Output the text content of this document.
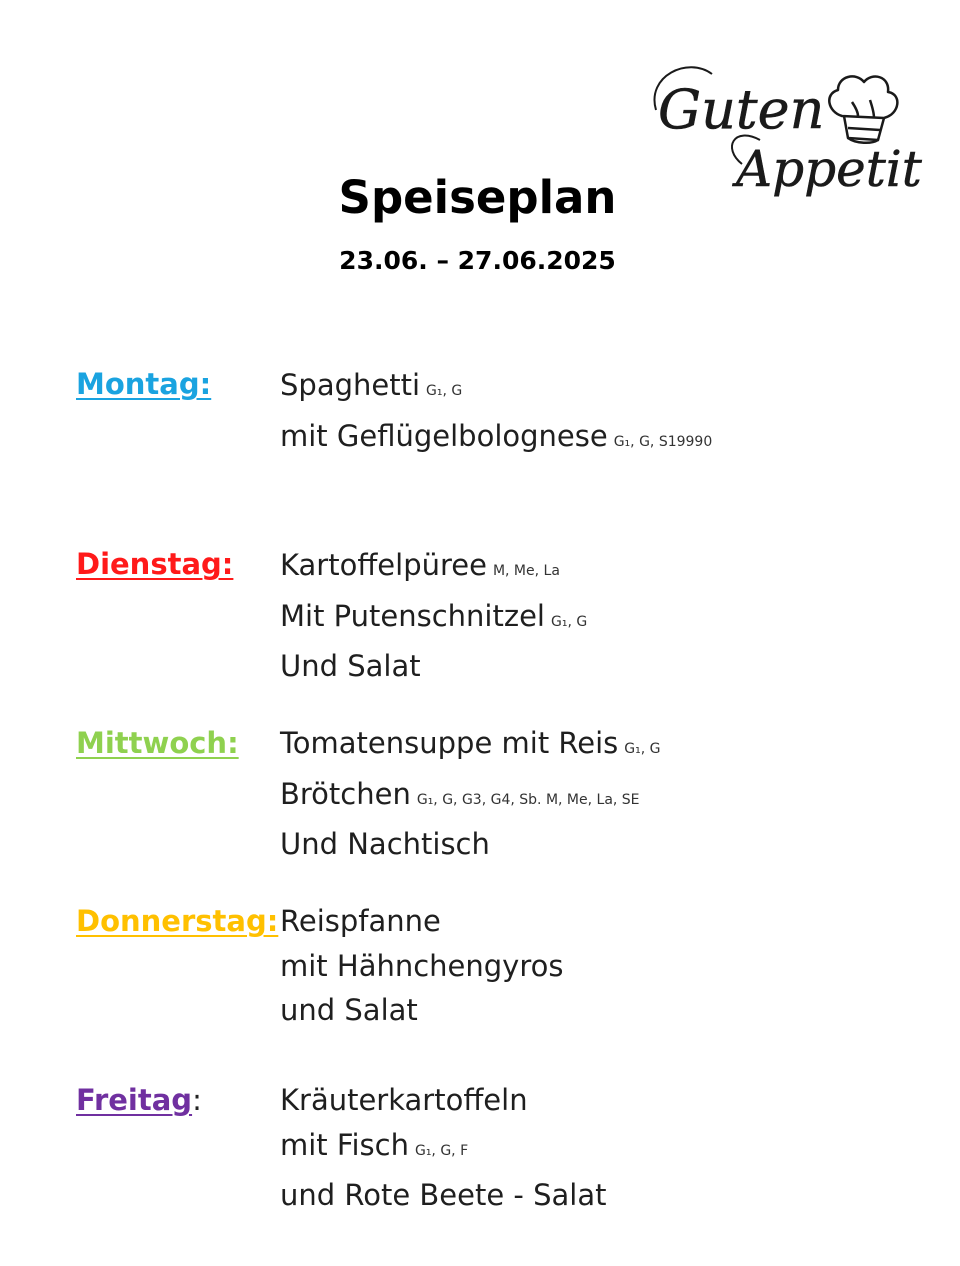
Guten
Appetit
Speiseplan
23.06. – 27.06.2025
Montag: Spaghetti G₁, G
mit Geflügelbolognese G₁, G, S19990
Dienstag: Kartoffelpüree M, Me, La
Mit Putenschnitzel G₁, G
Und Salat
Mittwoch: Tomatensuppe mit Reis G₁, G
Brötchen G₁, G, G3, G4, Sb. M, Me, La, SE
Und Nachtisch
Donnerstag: Reispfanne
mit Hähnchengyros
und Salat
Freitag:	Kräuterkartoffeln
mit Fisch G₁, G, F
und Rote Beete - Salat
